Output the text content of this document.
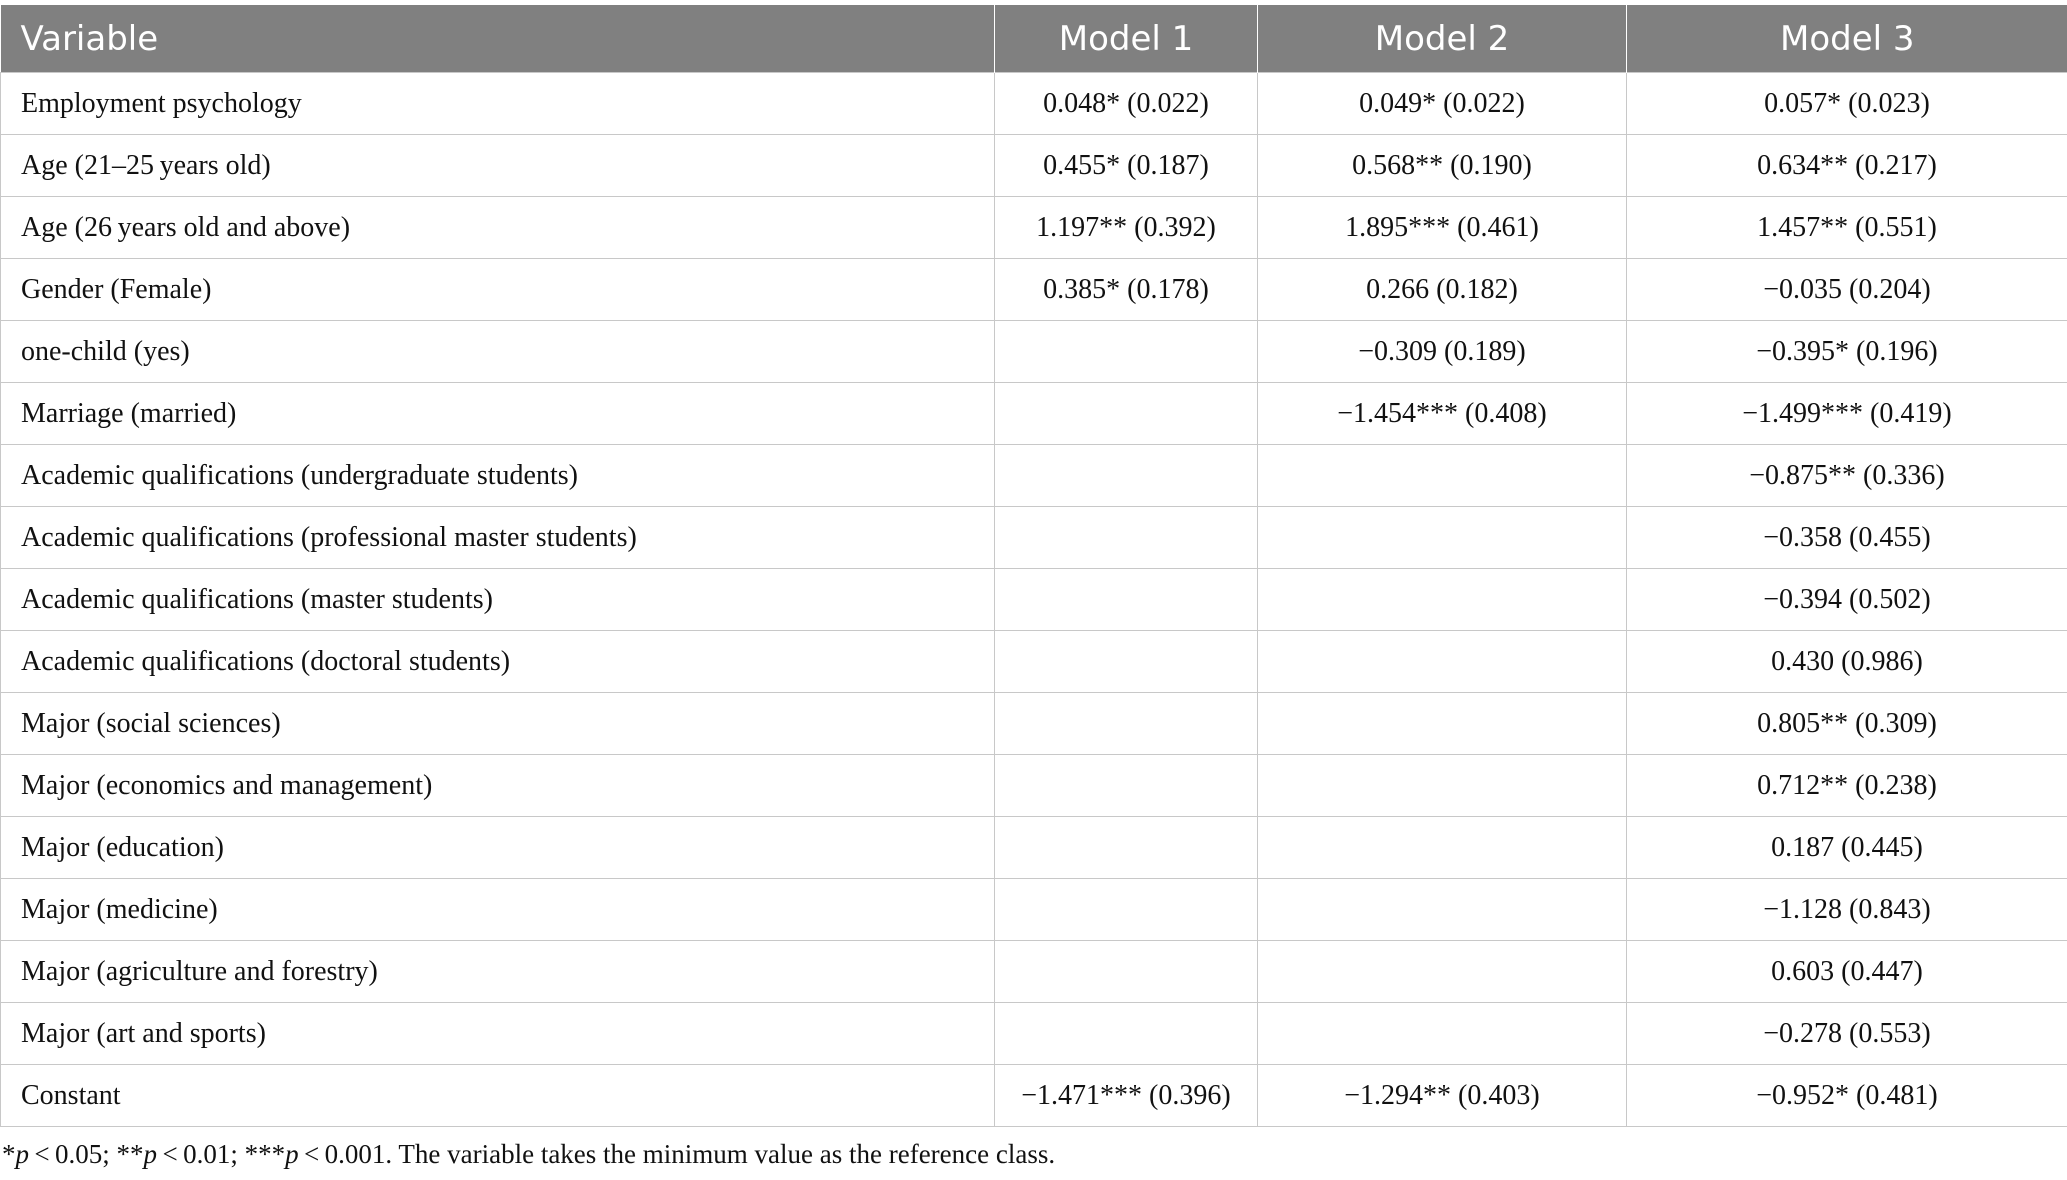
Variable	Model 1	Model 2	Model 3
Employment psychology	0.048* (0.022)	0.049* (0.022)	0.057* (0.023)
Age (21–25 years old)	0.455* (0.187)	0.568** (0.190)	0.634** (0.217)
Age (26 years old and above)	1.197** (0.392)	1.895*** (0.461)	1.457** (0.551)
Gender (Female)	0.385* (0.178)	0.266 (0.182)	−0.035 (0.204)
one-child (yes)		−0.309 (0.189)	−0.395* (0.196)
Marriage (married)		−1.454*** (0.408)	−1.499*** (0.419)
Academic qualifications (undergraduate students)			−0.875** (0.336)
Academic qualifications (professional master students)			−0.358 (0.455)
Academic qualifications (master students)			−0.394 (0.502)
Academic qualifications (doctoral students)			0.430 (0.986)
Major (social sciences)			0.805** (0.309)
Major (economics and management)			0.712** (0.238)
Major (education)			0.187 (0.445)
Major (medicine)			−1.128 (0.843)
Major (agriculture and forestry)			0.603 (0.447)
Major (art and sports)			−0.278 (0.553)
Constant	−1.471*** (0.396)	−1.294** (0.403)	−0.952* (0.481)
*p < 0.05; **p < 0.01; ***p < 0.001. The variable takes the minimum value as the reference class.
